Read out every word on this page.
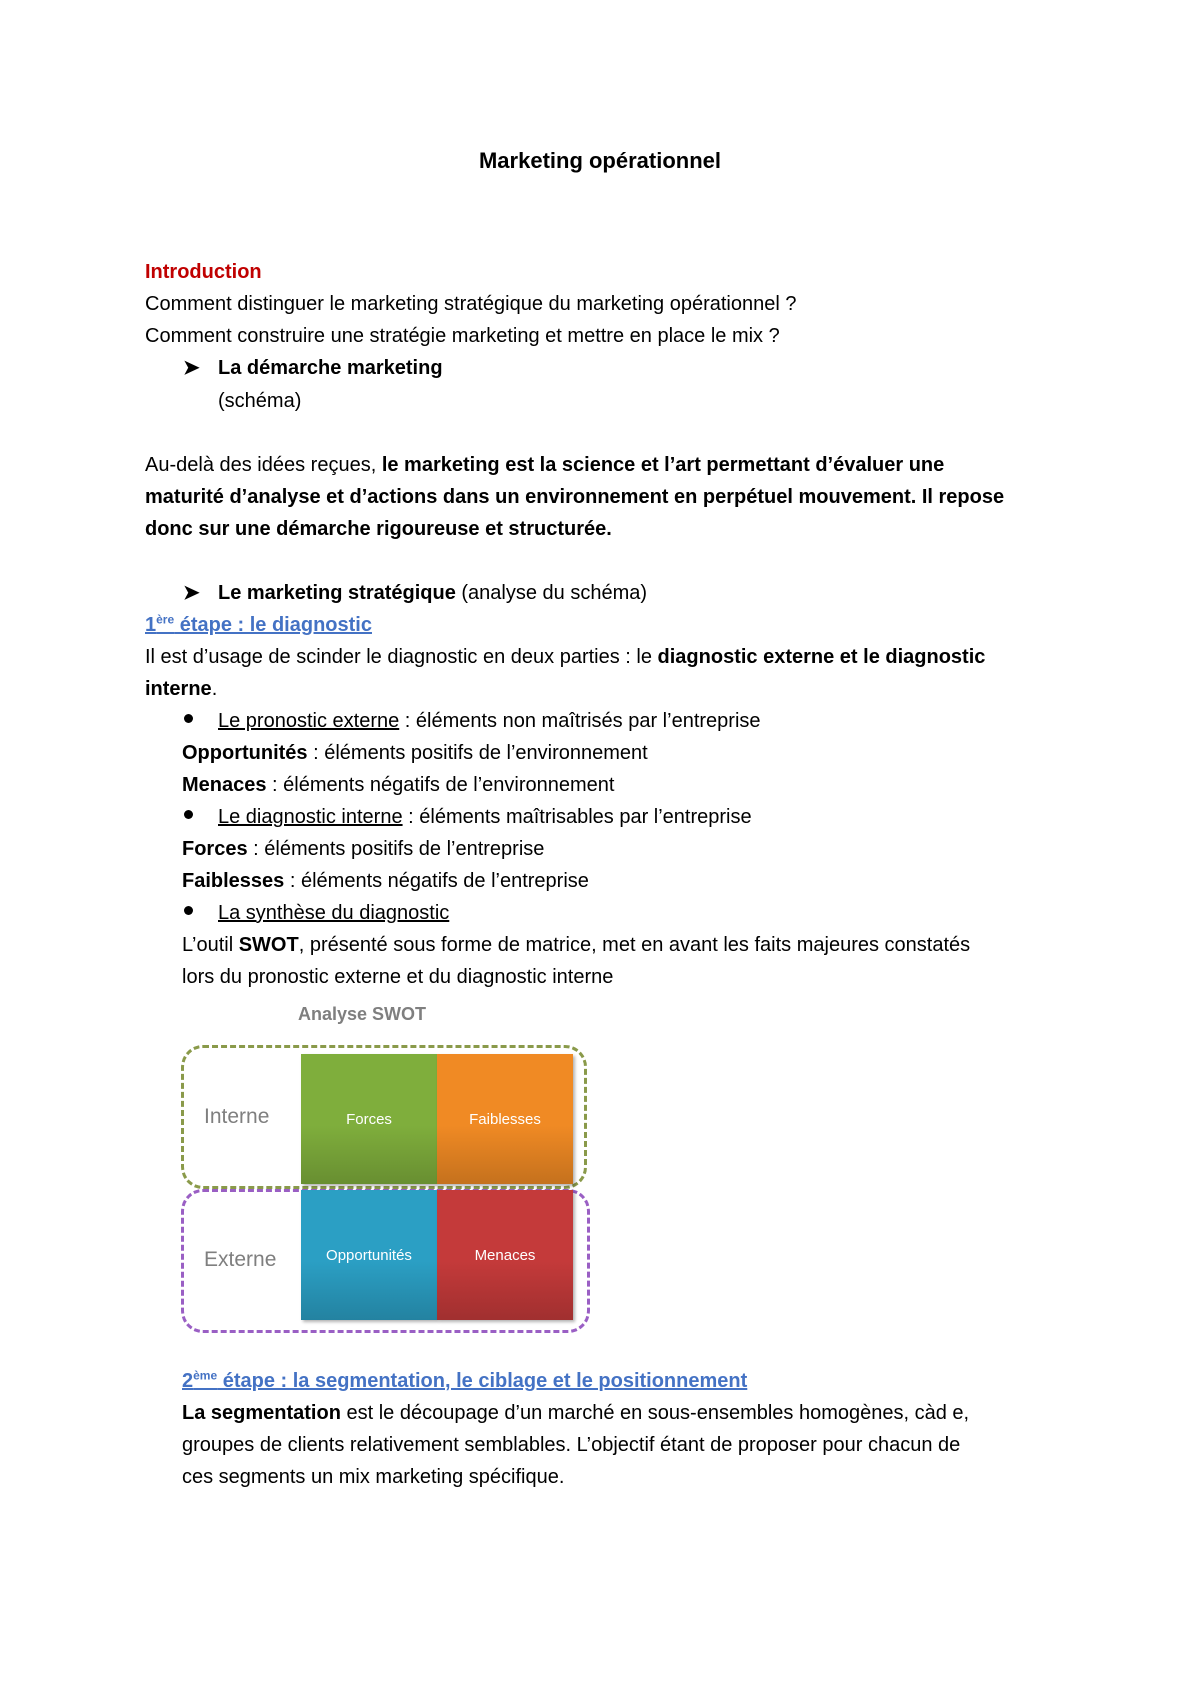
Marketing opérationnel
Introduction
Comment distinguer le marketing stratégique du marketing opérationnel ?
Comment construire une stratégie marketing et mettre en place le mix ?
➤ La démarche marketing
(schéma)
Au-delà des idées reçues, le marketing est la science et l’art permettant d’évaluer une
maturité d’analyse et d’actions dans un environnement en perpétuel mouvement. Il repose
donc sur une démarche rigoureuse et structurée.
➤ Le marketing stratégique (analyse du schéma)
1ère étape : le diagnostic
Il est d’usage de scinder le diagnostic en deux parties : le diagnostic externe et le diagnostic
interne.
Le pronostic externe : éléments non maîtrisés par l’entreprise
Opportunités : éléments positifs de l’environnement
Menaces : éléments négatifs de l’environnement
Le diagnostic interne : éléments maîtrisables par l’entreprise
Forces : éléments positifs de l’entreprise
Faiblesses : éléments négatifs de l’entreprise
La synthèse du diagnostic
L’outil SWOT, présenté sous forme de matrice, met en avant les faits majeures constatés
lors du pronostic externe et du diagnostic interne
Analyse SWOT
Interne
Externe
Forces	Faiblesses
Opportunités	Menaces
2ème étape : la segmentation, le ciblage et le positionnement
La segmentation est le découpage d’un marché en sous-ensembles homogènes, càd e,
groupes de clients relativement semblables. L’objectif étant de proposer pour chacun de
ces segments un mix marketing spécifique.
